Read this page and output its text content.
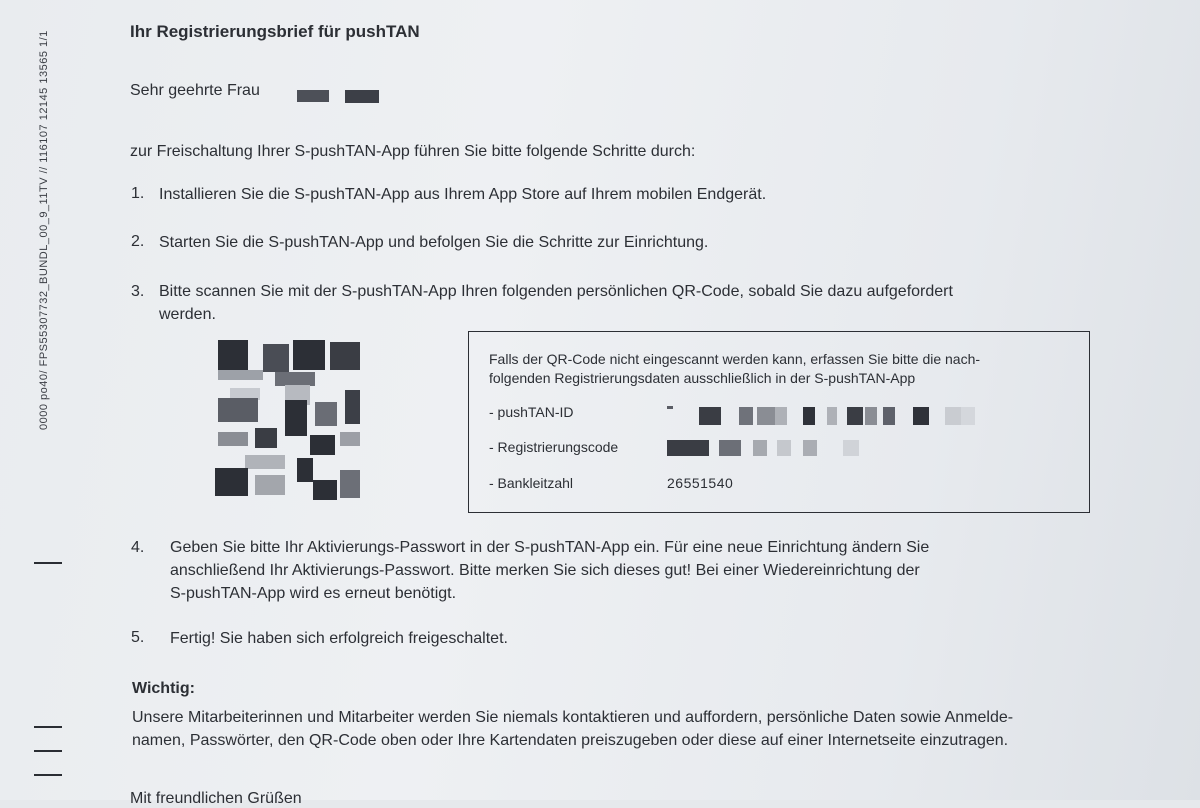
0000 po40/ FPS55307732_BUNDL_00_9_11TV // 116107 12145 13565 1/1	Ihr Registrierungsbrief für pushTAN
Sehr geehrte Frau
zur Freischaltung Ihrer S-pushTAN-App führen Sie bitte folgende Schritte durch:
1. Installieren Sie die S-pushTAN-App aus Ihrem App Store auf Ihrem mobilen Endgerät.
2. Starten Sie die S-pushTAN-App und befolgen Sie die Schritte zur Einrichtung.
3. Bitte scannen Sie mit der S-pushTAN-App Ihren folgenden persönlichen QR-Code, sobald Sie dazu aufgefordert
werden.
Falls der QR-Code nicht eingescannt werden kann, erfassen Sie bitte die nach-
folgenden Registrierungsdaten ausschließlich in der S-pushTAN-App
- pushTAN-ID
- Registrierungscode
- Bankleitzahl	26551540
4. Geben Sie bitte Ihr Aktivierungs-Passwort in der S-pushTAN-App ein. Für eine neue Einrichtung ändern Sie
anschließend Ihr Aktivierungs-Passwort. Bitte merken Sie sich dieses gut! Bei einer Wiedereinrichtung der
S-pushTAN-App wird es erneut benötigt.
5. Fertig! Sie haben sich erfolgreich freigeschaltet.
Wichtig:
Unsere Mitarbeiterinnen und Mitarbeiter werden Sie niemals kontaktieren und auffordern, persönliche Daten sowie Anmelde-
namen, Passwörter, den QR-Code oben oder Ihre Kartendaten preiszugeben oder diese auf einer Internetseite einzutragen.
Mit freundlichen Grüßen
